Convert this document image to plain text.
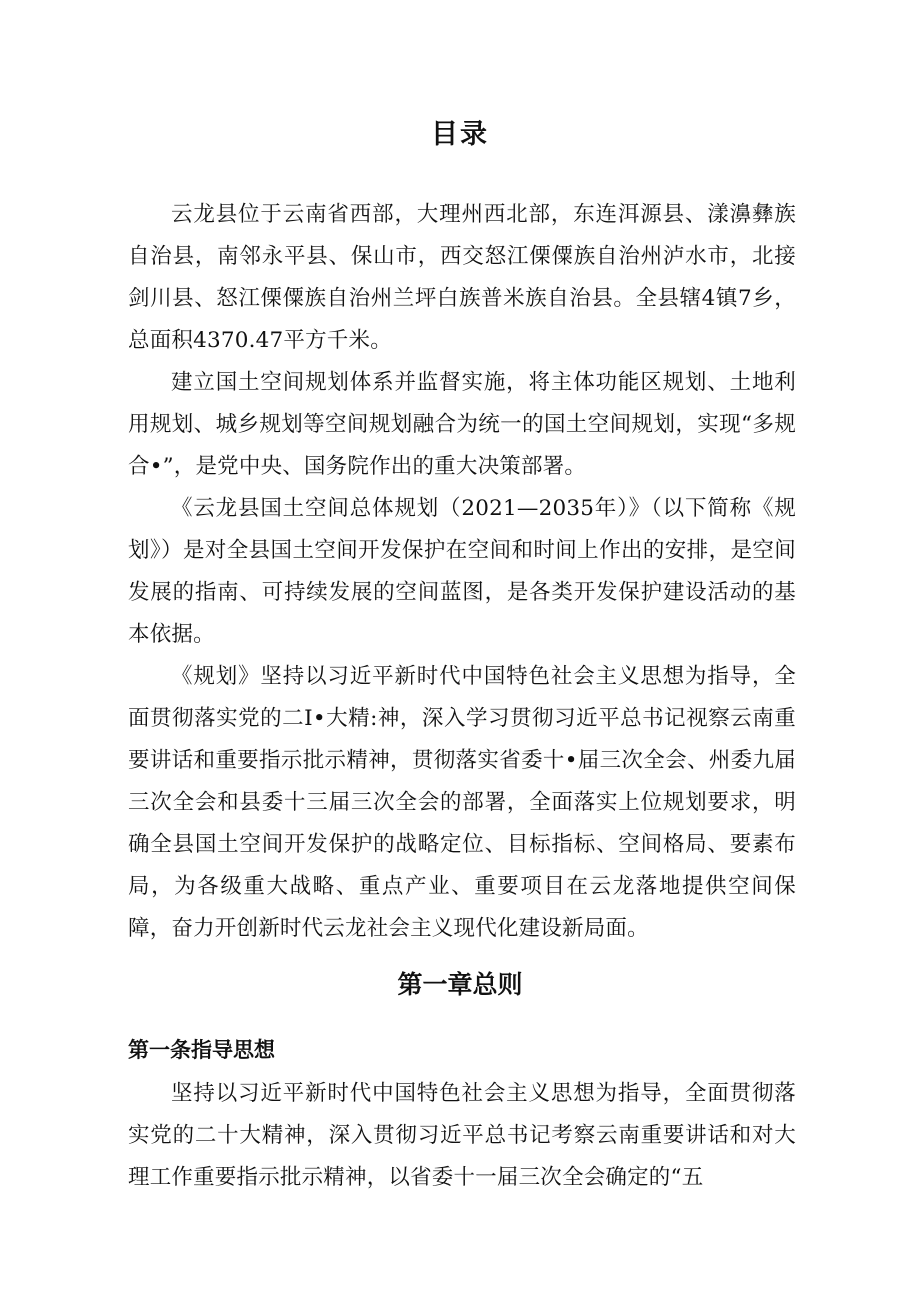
目录

云龙县位于云南省西部，大理州西北部，东连洱源县、漾濞彝族自治县，南邻永平县、保山市，西交怒江傈僳族自治州泸水市，北接剑川县、怒江傈僳族自治州兰坪白族普米族自治县。全县辖4镇7乡，总面积4370.47平方千米。

建立国土空间规划体系并监督实施，将主体功能区规划、土地利用规划、城乡规划等空间规划融合为统一的国土空间规划，实现“多规合•”，是党中央、国务院作出的重大决策部署。

《云龙县国土空间总体规划（2021—2035年）》（以下简称《规划》）是对全县国土空间开发保护在空间和时间上作出的安排，是空间发展的指南、可持续发展的空间蓝图，是各类开发保护建设活动的基本依据。

《规划》坚持以习近平新时代中国特色社会主义思想为指导，全面贯彻落实党的二I•大精:神，深入学习贯彻习近平总书记视察云南重要讲话和重要指示批示精神，贯彻落实省委十•届三次全会、州委九届三次全会和县委十三届三次全会的部署，全面落实上位规划要求，明确全县国土空间开发保护的战略定位、目标指标、空间格局、要素布局，为各级重大战略、重点产业、重要项目在云龙落地提供空间保障，奋力开创新时代云龙社会主义现代化建设新局面。

第一章总则
第一条指导思想

坚持以习近平新时代中国特色社会主义思想为指导，全面贯彻落实党的二十大精神，深入贯彻习近平总书记考察云南重要讲话和对大理工作重要指示批示精神，以省委十一届三次全会确定的“五
